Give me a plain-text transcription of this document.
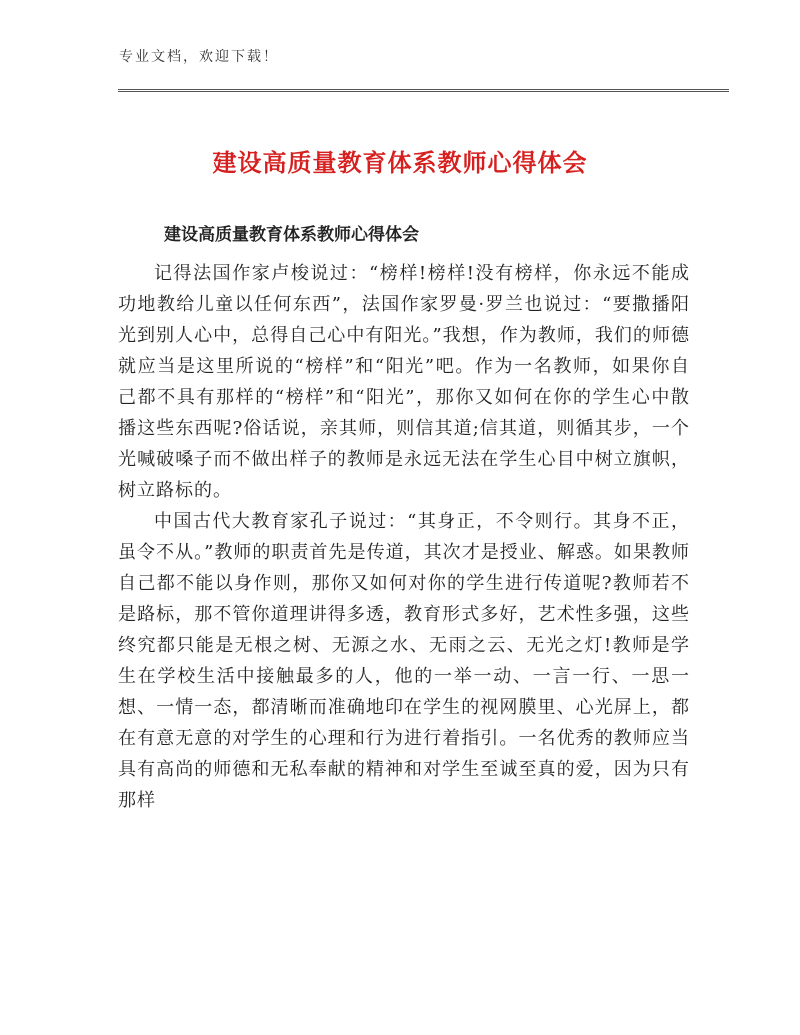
专业文档，欢迎下载！
建设高质量教育体系教师心得体会
建设高质量教育体系教师心得体会

记得法国作家卢梭说过：“榜样!榜样!没有榜样，你永远不能成功地教给儿童以任何东西”，法国作家罗曼·罗兰也说过：“要撒播阳光到别人心中，总得自己心中有阳光。”我想，作为教师，我们的师德就应当是这里所说的“榜样”和“阳光”吧。作为一名教师，如果你自己都不具有那样的“榜样”和“阳光”，那你又如何在你的学生心中散播这些东西呢?俗话说，亲其师，则信其道;信其道，则循其步，一个光喊破嗓子而不做出样子的教师是永远无法在学生心目中树立旗帜，树立路标的。

中国古代大教育家孔子说过：“其身正，不令则行。其身不正，虽令不从。”教师的职责首先是传道，其次才是授业、解惑。如果教师自己都不能以身作则，那你又如何对你的学生进行传道呢?教师若不是路标，那不管你道理讲得多透，教育形式多好，艺术性多强，这些终究都只能是无根之树、无源之水、无雨之云、无光之灯!教师是学生在学校生活中接触最多的人，他的一举一动、一言一行、一思一想、一情一态，都清晰而准确地印在学生的视网膜里、心光屏上，都在有意无意的对学生的心理和行为进行着指引。一名优秀的教师应当具有高尚的师德和无私奉献的精神和对学生至诚至真的爱，因为只有那样
